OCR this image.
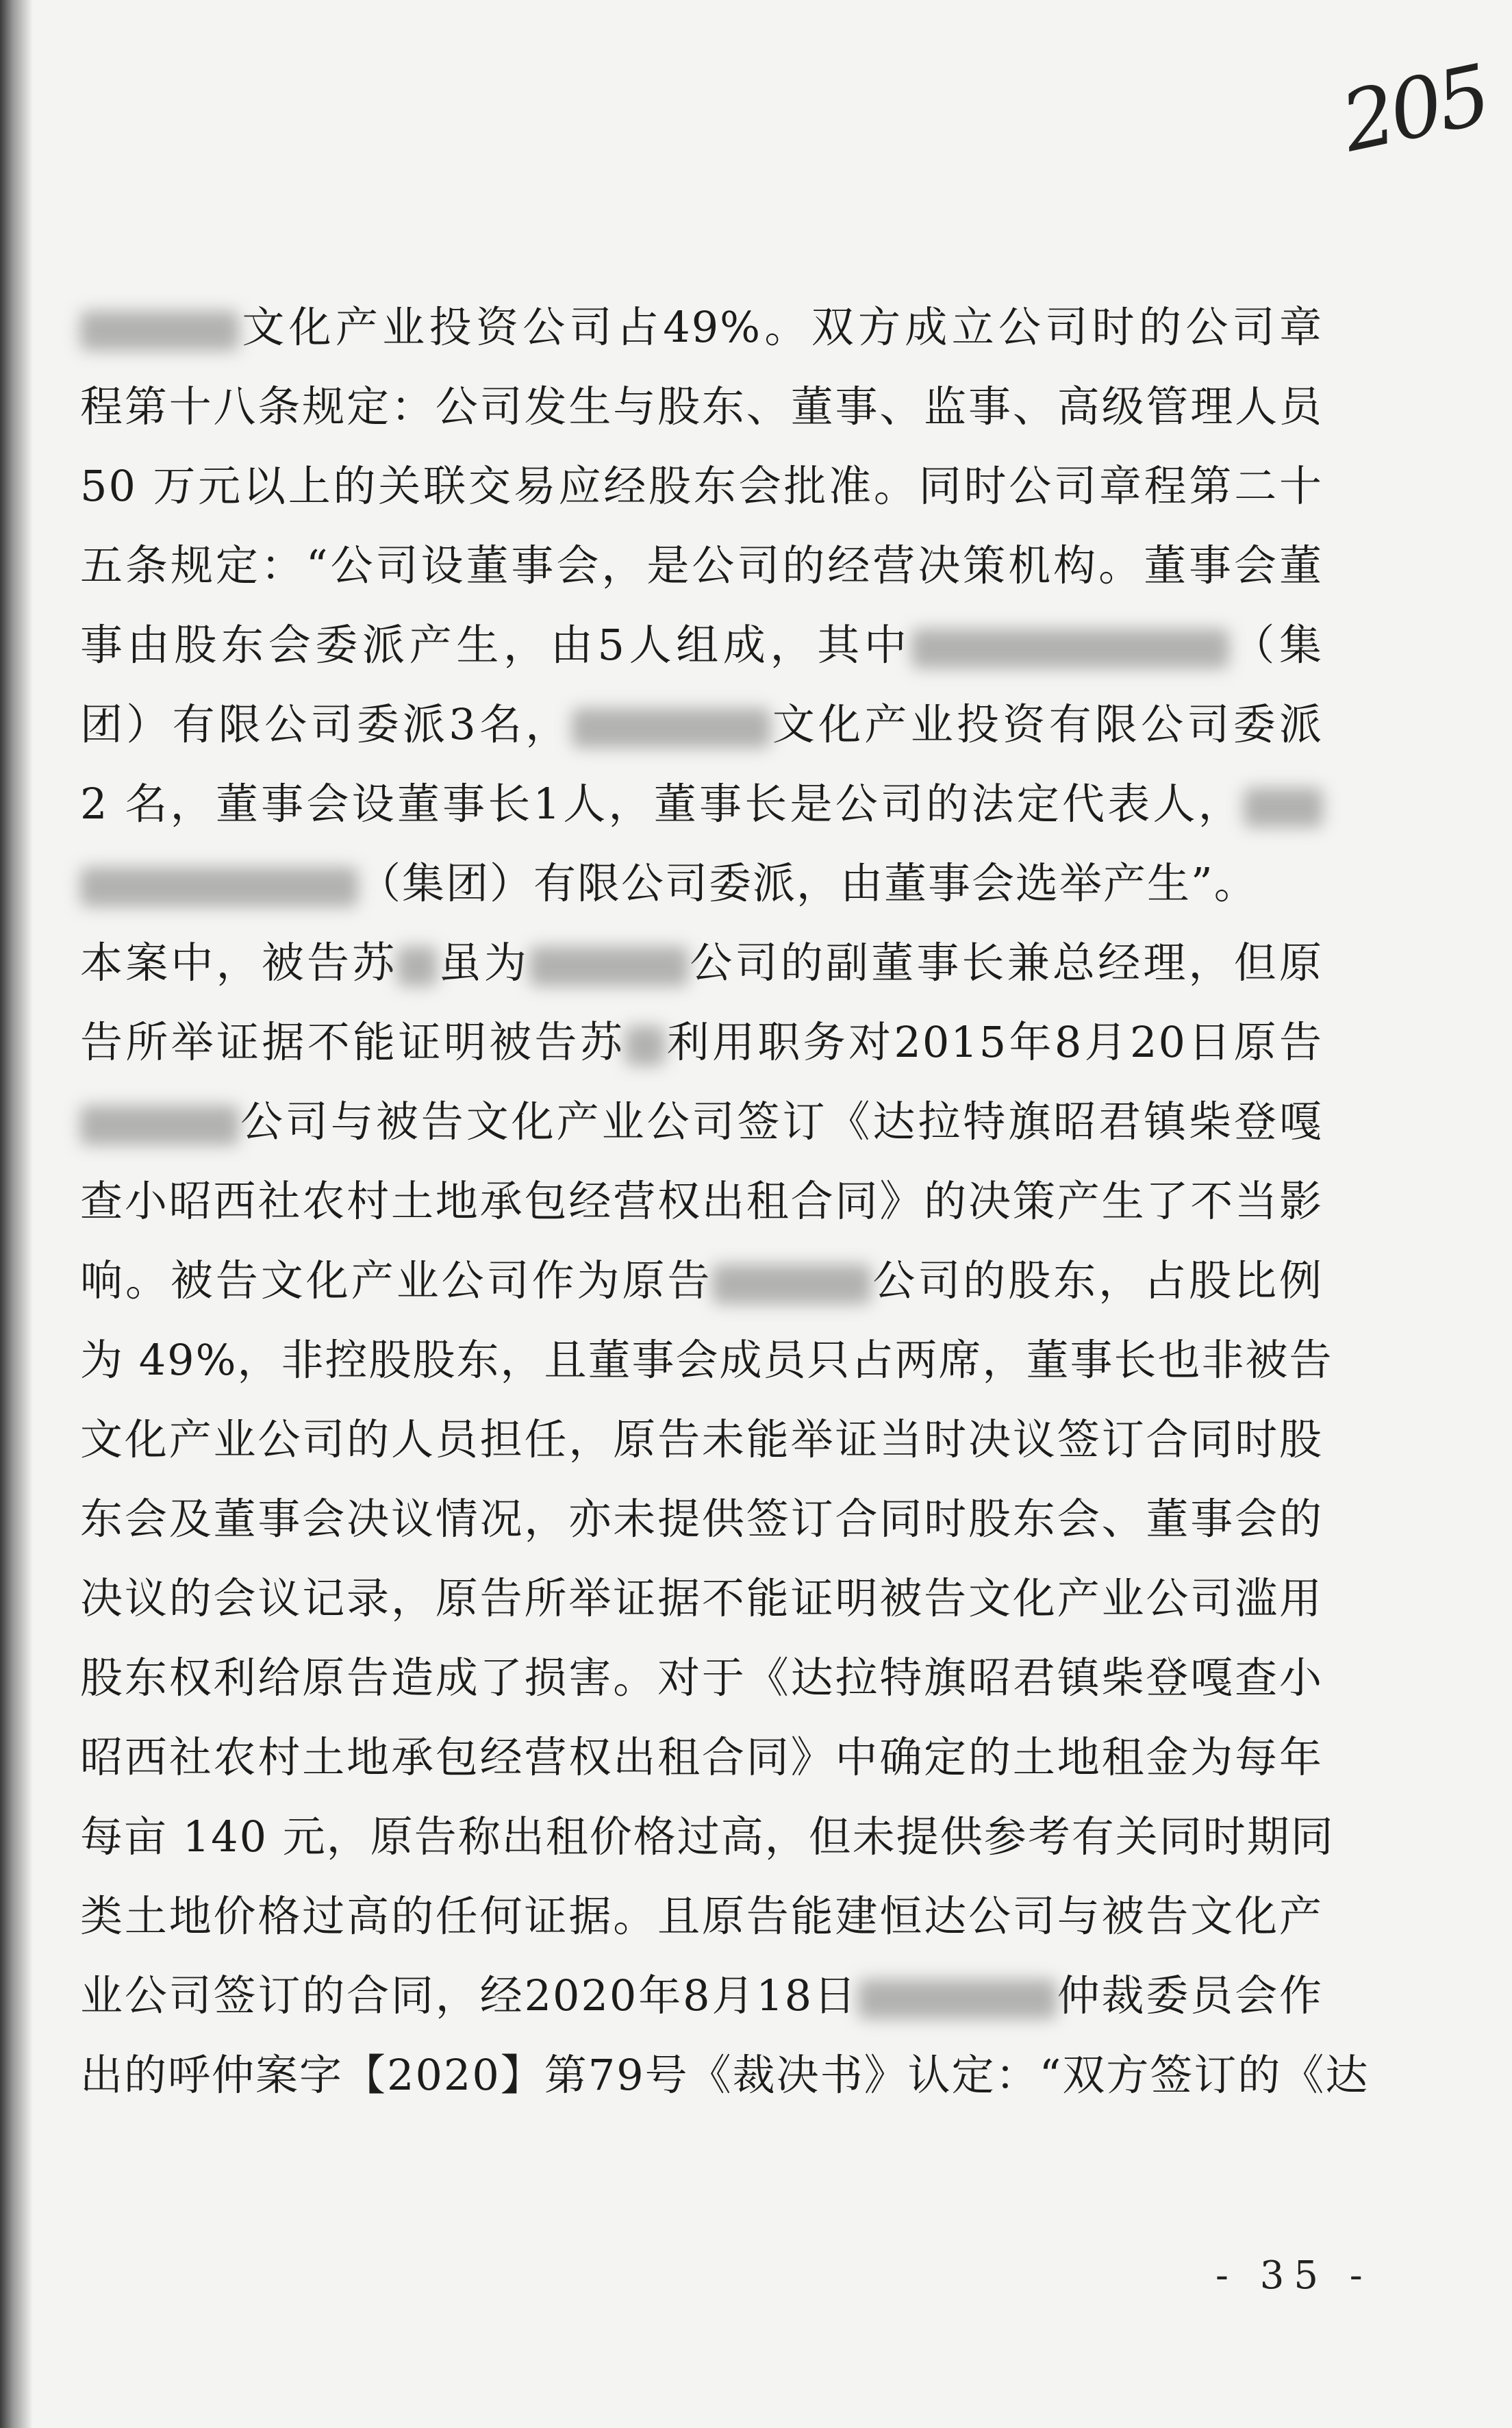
205
文化产业投资公司占49%。双方成立公司时的公司章
程第十八条规定：公司发生与股东、董事、监事、高级管理人员
50 万元以上的关联交易应经股东会批准。同时公司章程第二十
五条规定：“公司设董事会，是公司的经营决策机构。董事会董
事由股东会委派产生，由5人组成，其中	（集
团）有限公司委派3名，	文化产业投资有限公司委派
2 名，董事会设董事长1人，董事长是公司的法定代表人，
（集团）有限公司委派，由董事会选举产生”。
本案中，被告苏 虽为	公司的副董事长兼总经理，但原
告所举证据不能证明被告苏 利用职务对2015年8月20日原告
公司与被告文化产业公司签订《达拉特旗昭君镇柴登嘎
查小昭西社农村土地承包经营权出租合同》的决策产生了不当影
响。被告文化产业公司作为原告	公司的股东，占股比例
为 49%，非控股股东，且董事会成员只占两席，董事长也非被告
文化产业公司的人员担任，原告未能举证当时决议签订合同时股
东会及董事会决议情况，亦未提供签订合同时股东会、董事会的
决议的会议记录，原告所举证据不能证明被告文化产业公司滥用
股东权利给原告造成了损害。对于《达拉特旗昭君镇柴登嘎查小
昭西社农村土地承包经营权出租合同》中确定的土地租金为每年
每亩 140 元，原告称出租价格过高，但未提供参考有关同时期同
类土地价格过高的任何证据。且原告能建恒达公司与被告文化产
业公司签订的合同，经2020年8月18日	仲裁委员会作
出的呼仲案字【2020】第79号《裁决书》认定：“双方签订的《达
- 35 -
